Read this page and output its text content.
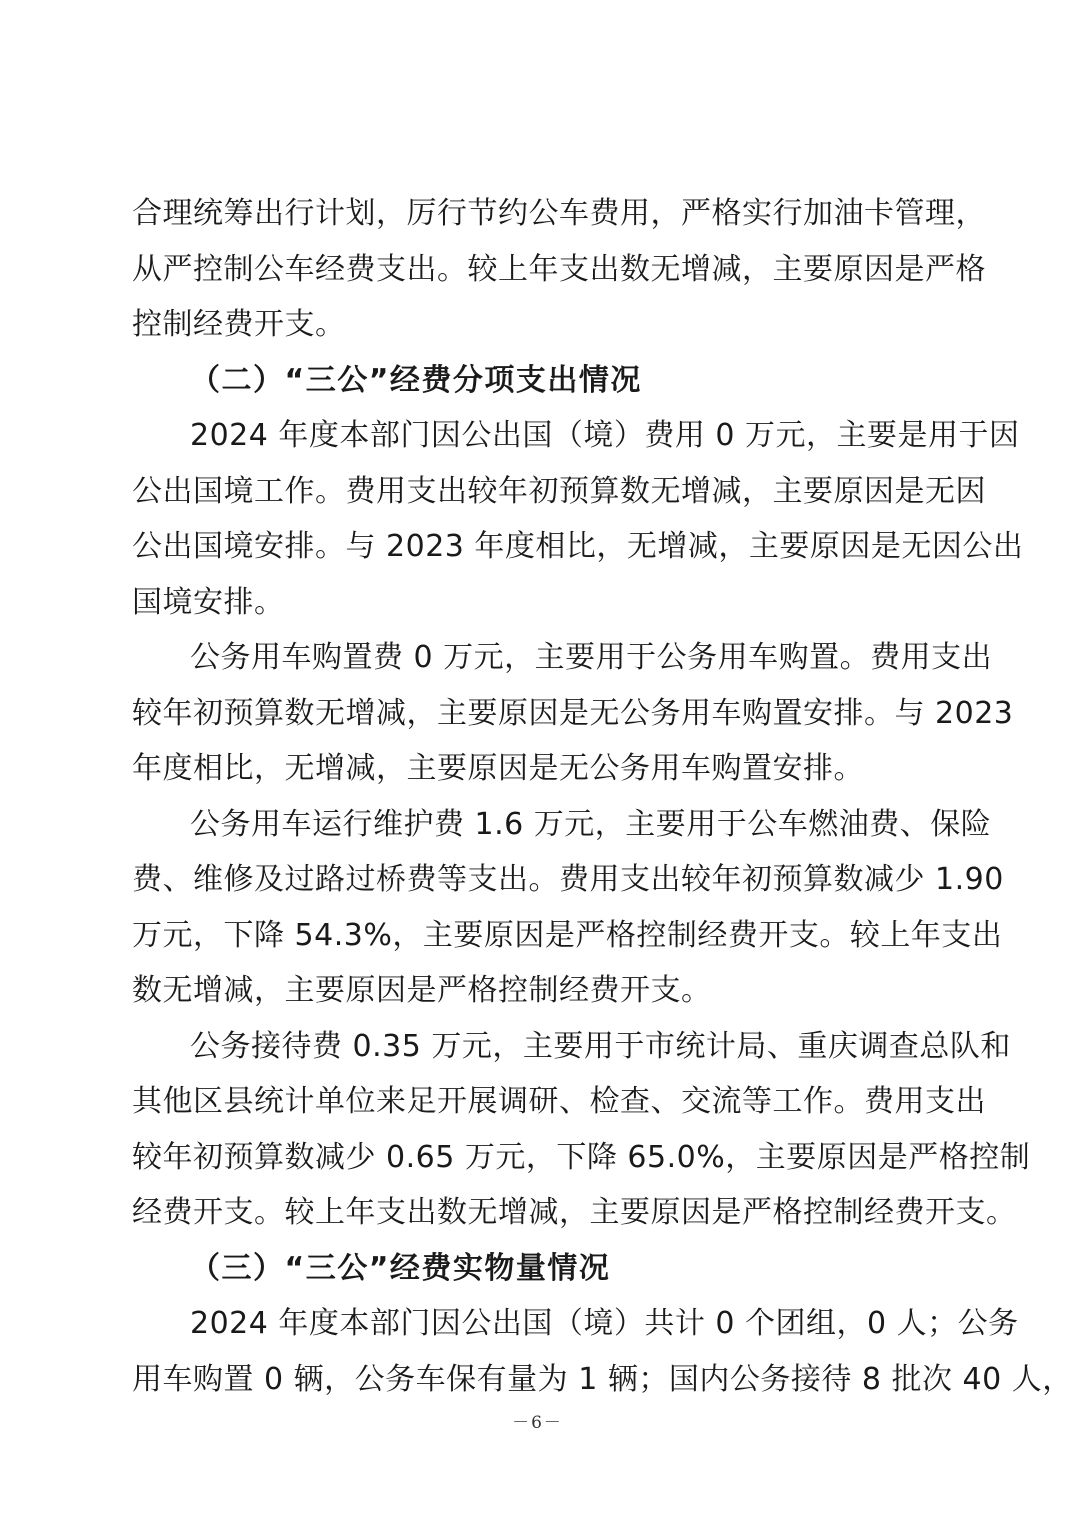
合理统筹出行计划，厉行节约公车费用，严格实行加油卡管理，
从严控制公车经费支出。较上年支出数无增减，主要原因是严格
控制经费开支。
（二）“三公”经费分项支出情况
2024 年度本部门因公出国（境）费用 0 万元，主要是用于因
公出国境工作。费用支出较年初预算数无增减，主要原因是无因
公出国境安排。与 2023 年度相比，无增减，主要原因是无因公出
国境安排。
公务用车购置费 0 万元，主要用于公务用车购置。费用支出
较年初预算数无增减，主要原因是无公务用车购置安排。与 2023
年度相比，无增减，主要原因是无公务用车购置安排。
公务用车运行维护费 1.6 万元，主要用于公车燃油费、保险
费、维修及过路过桥费等支出。费用支出较年初预算数减少 1.90
万元，下降 54.3%，主要原因是严格控制经费开支。较上年支出
数无增减，主要原因是严格控制经费开支。
公务接待费 0.35 万元，主要用于市统计局、重庆调查总队和
其他区县统计单位来足开展调研、检查、交流等工作。费用支出
较年初预算数减少 0.65 万元，下降 65.0%，主要原因是严格控制
经费开支。较上年支出数无增减，主要原因是严格控制经费开支。
（三）“三公”经费实物量情况
2024 年度本部门因公出国（境）共计 0 个团组，0 人；公务
用车购置 0 辆，公务车保有量为 1 辆；国内公务接待 8 批次 40 人，
－6－
